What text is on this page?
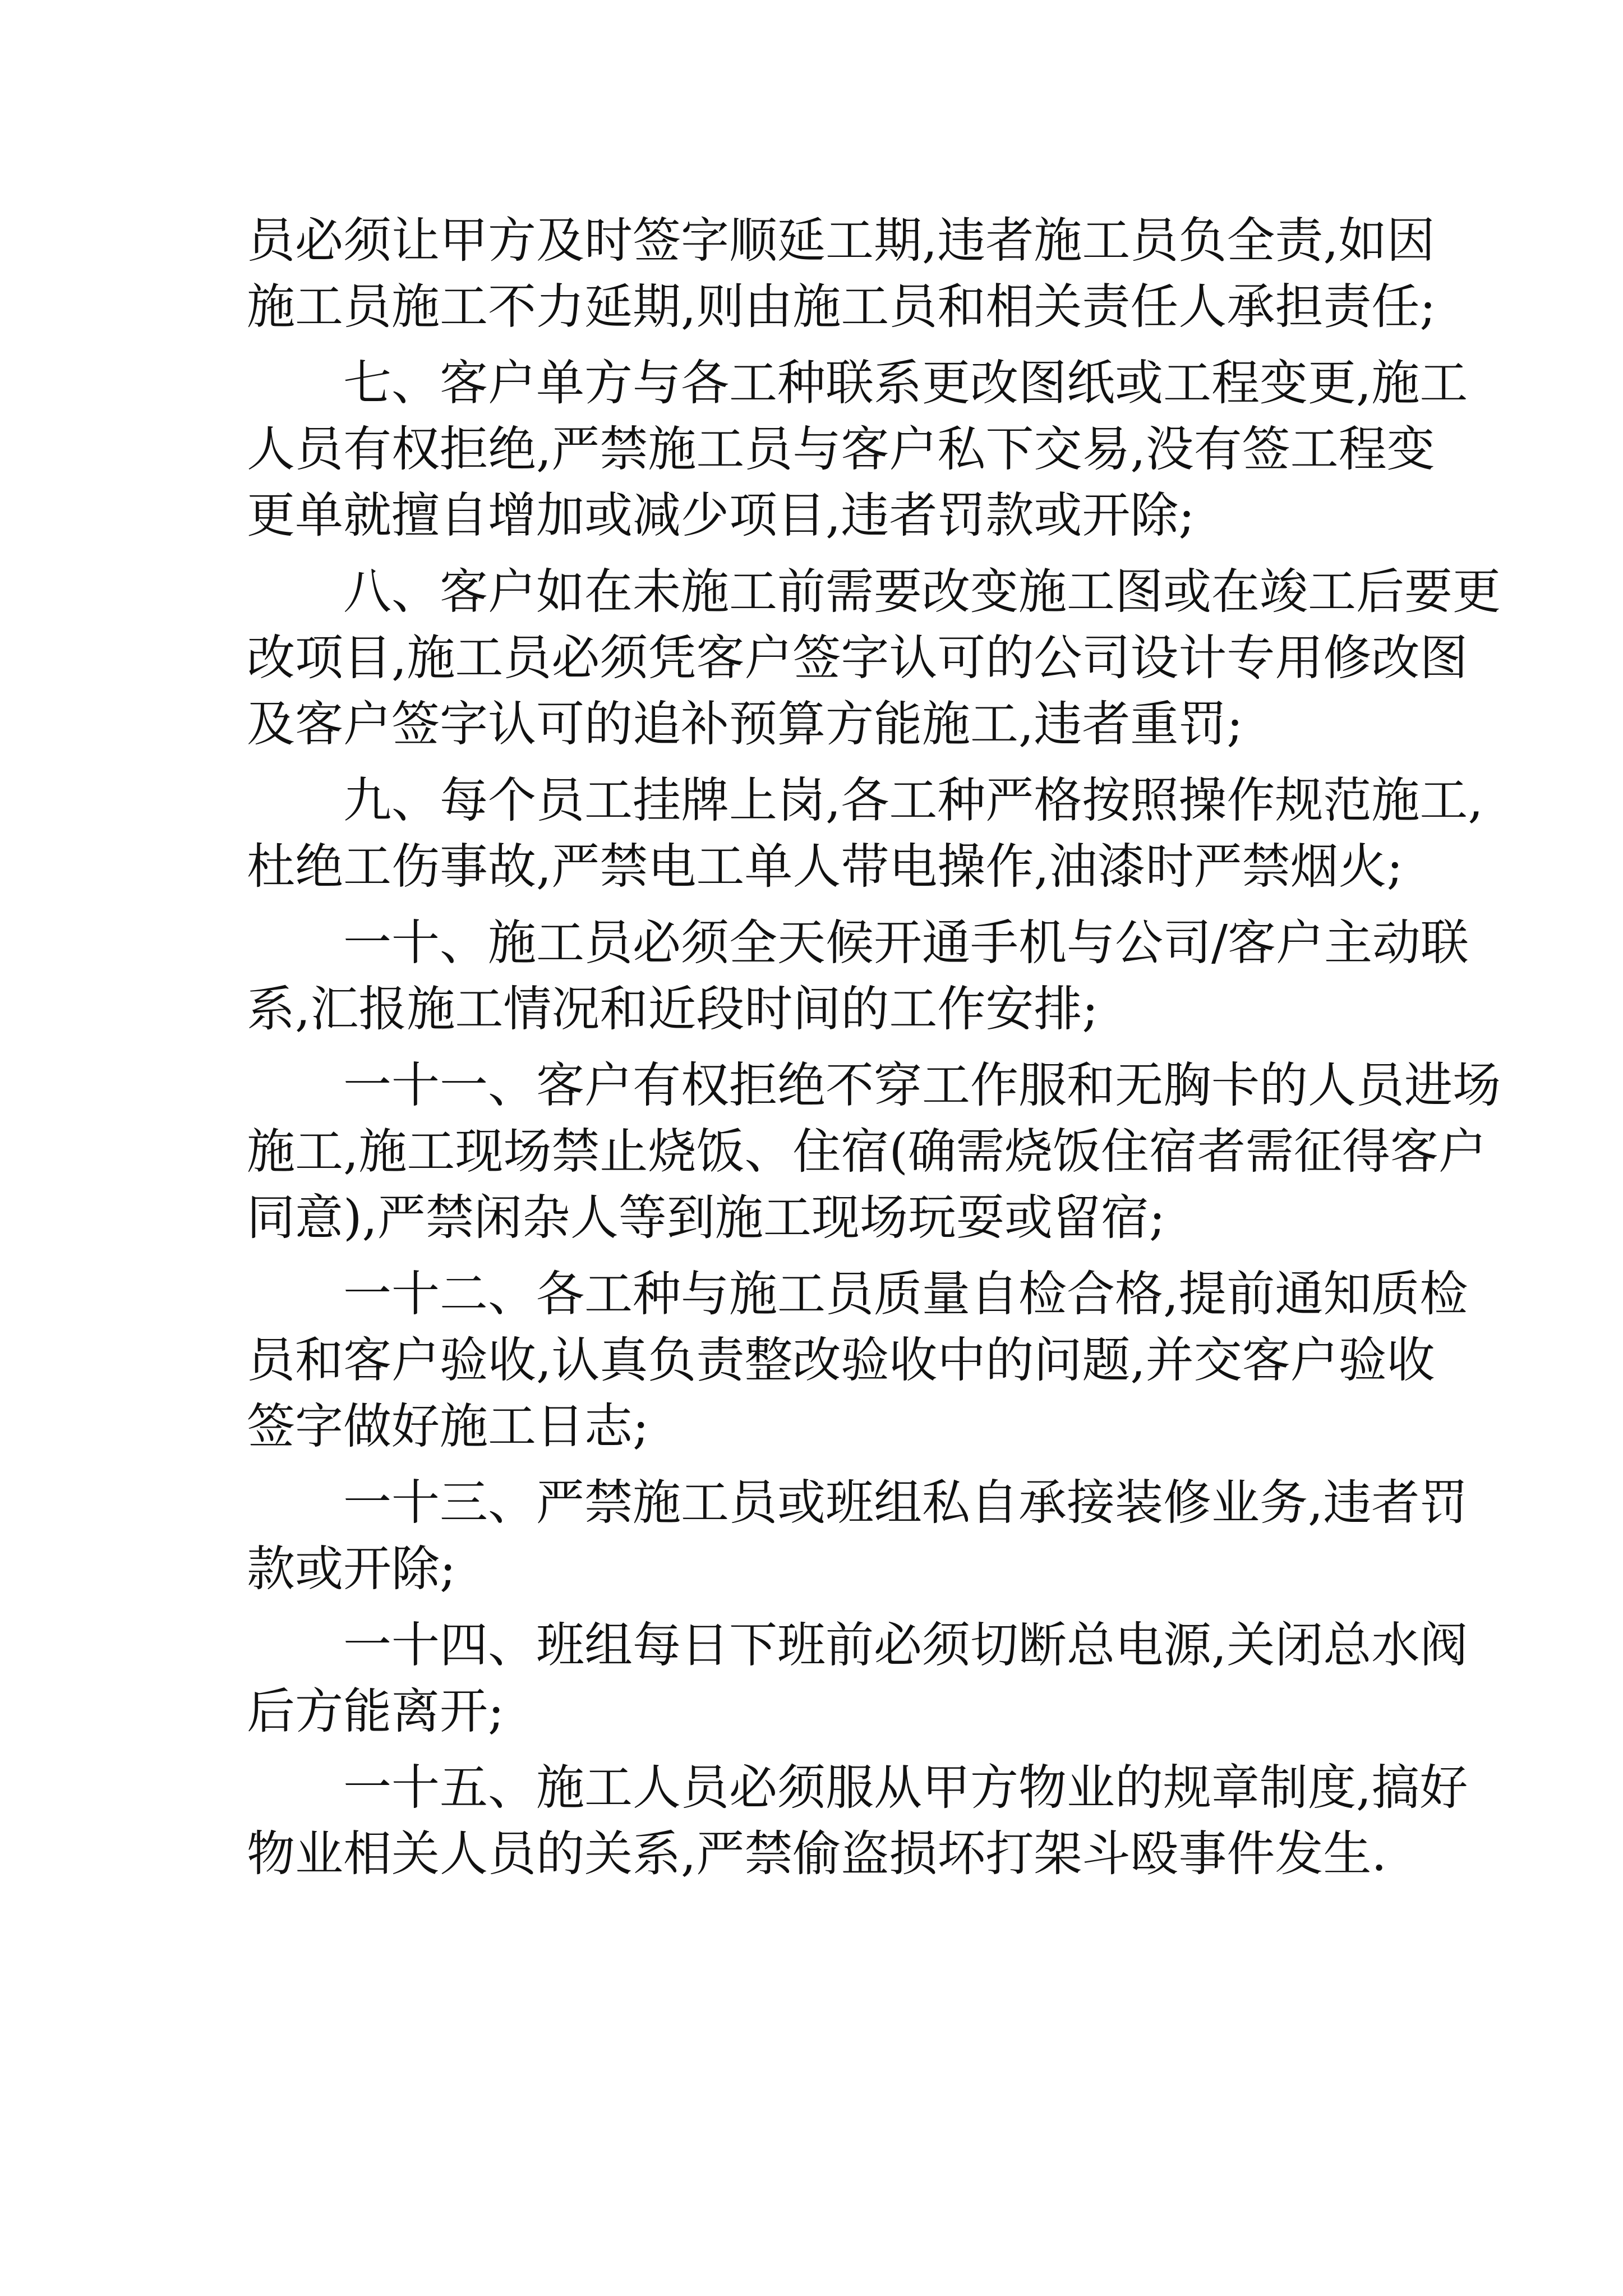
员必须让甲方及时签字顺延工期,违者施工员负全责,如因
施工员施工不力延期,则由施工员和相关责任人承担责任;
七、客户单方与各工种联系更改图纸或工程变更,施工
人员有权拒绝,严禁施工员与客户私下交易,没有签工程变
更单就擅自增加或减少项目,违者罚款或开除;
八、客户如在未施工前需要改变施工图或在竣工后要更
改项目,施工员必须凭客户签字认可的公司设计专用修改图
及客户签字认可的追补预算方能施工,违者重罚;
九、每个员工挂牌上岗,各工种严格按照操作规范施工,
杜绝工伤事故,严禁电工单人带电操作,油漆时严禁烟火;
一十、施工员必须全天候开通手机与公司/客户主动联
系,汇报施工情况和近段时间的工作安排;
一十一、客户有权拒绝不穿工作服和无胸卡的人员进场
施工,施工现场禁止烧饭、住宿(确需烧饭住宿者需征得客户
同意),严禁闲杂人等到施工现场玩耍或留宿;
一十二、各工种与施工员质量自检合格,提前通知质检
员和客户验收,认真负责整改验收中的问题,并交客户验收
签字做好施工日志;
一十三、严禁施工员或班组私自承接装修业务,违者罚
款或开除;
一十四、班组每日下班前必须切断总电源,关闭总水阀
后方能离开;
一十五、施工人员必须服从甲方物业的规章制度,搞好
物业相关人员的关系,严禁偷盗损坏打架斗殴事件发生.
